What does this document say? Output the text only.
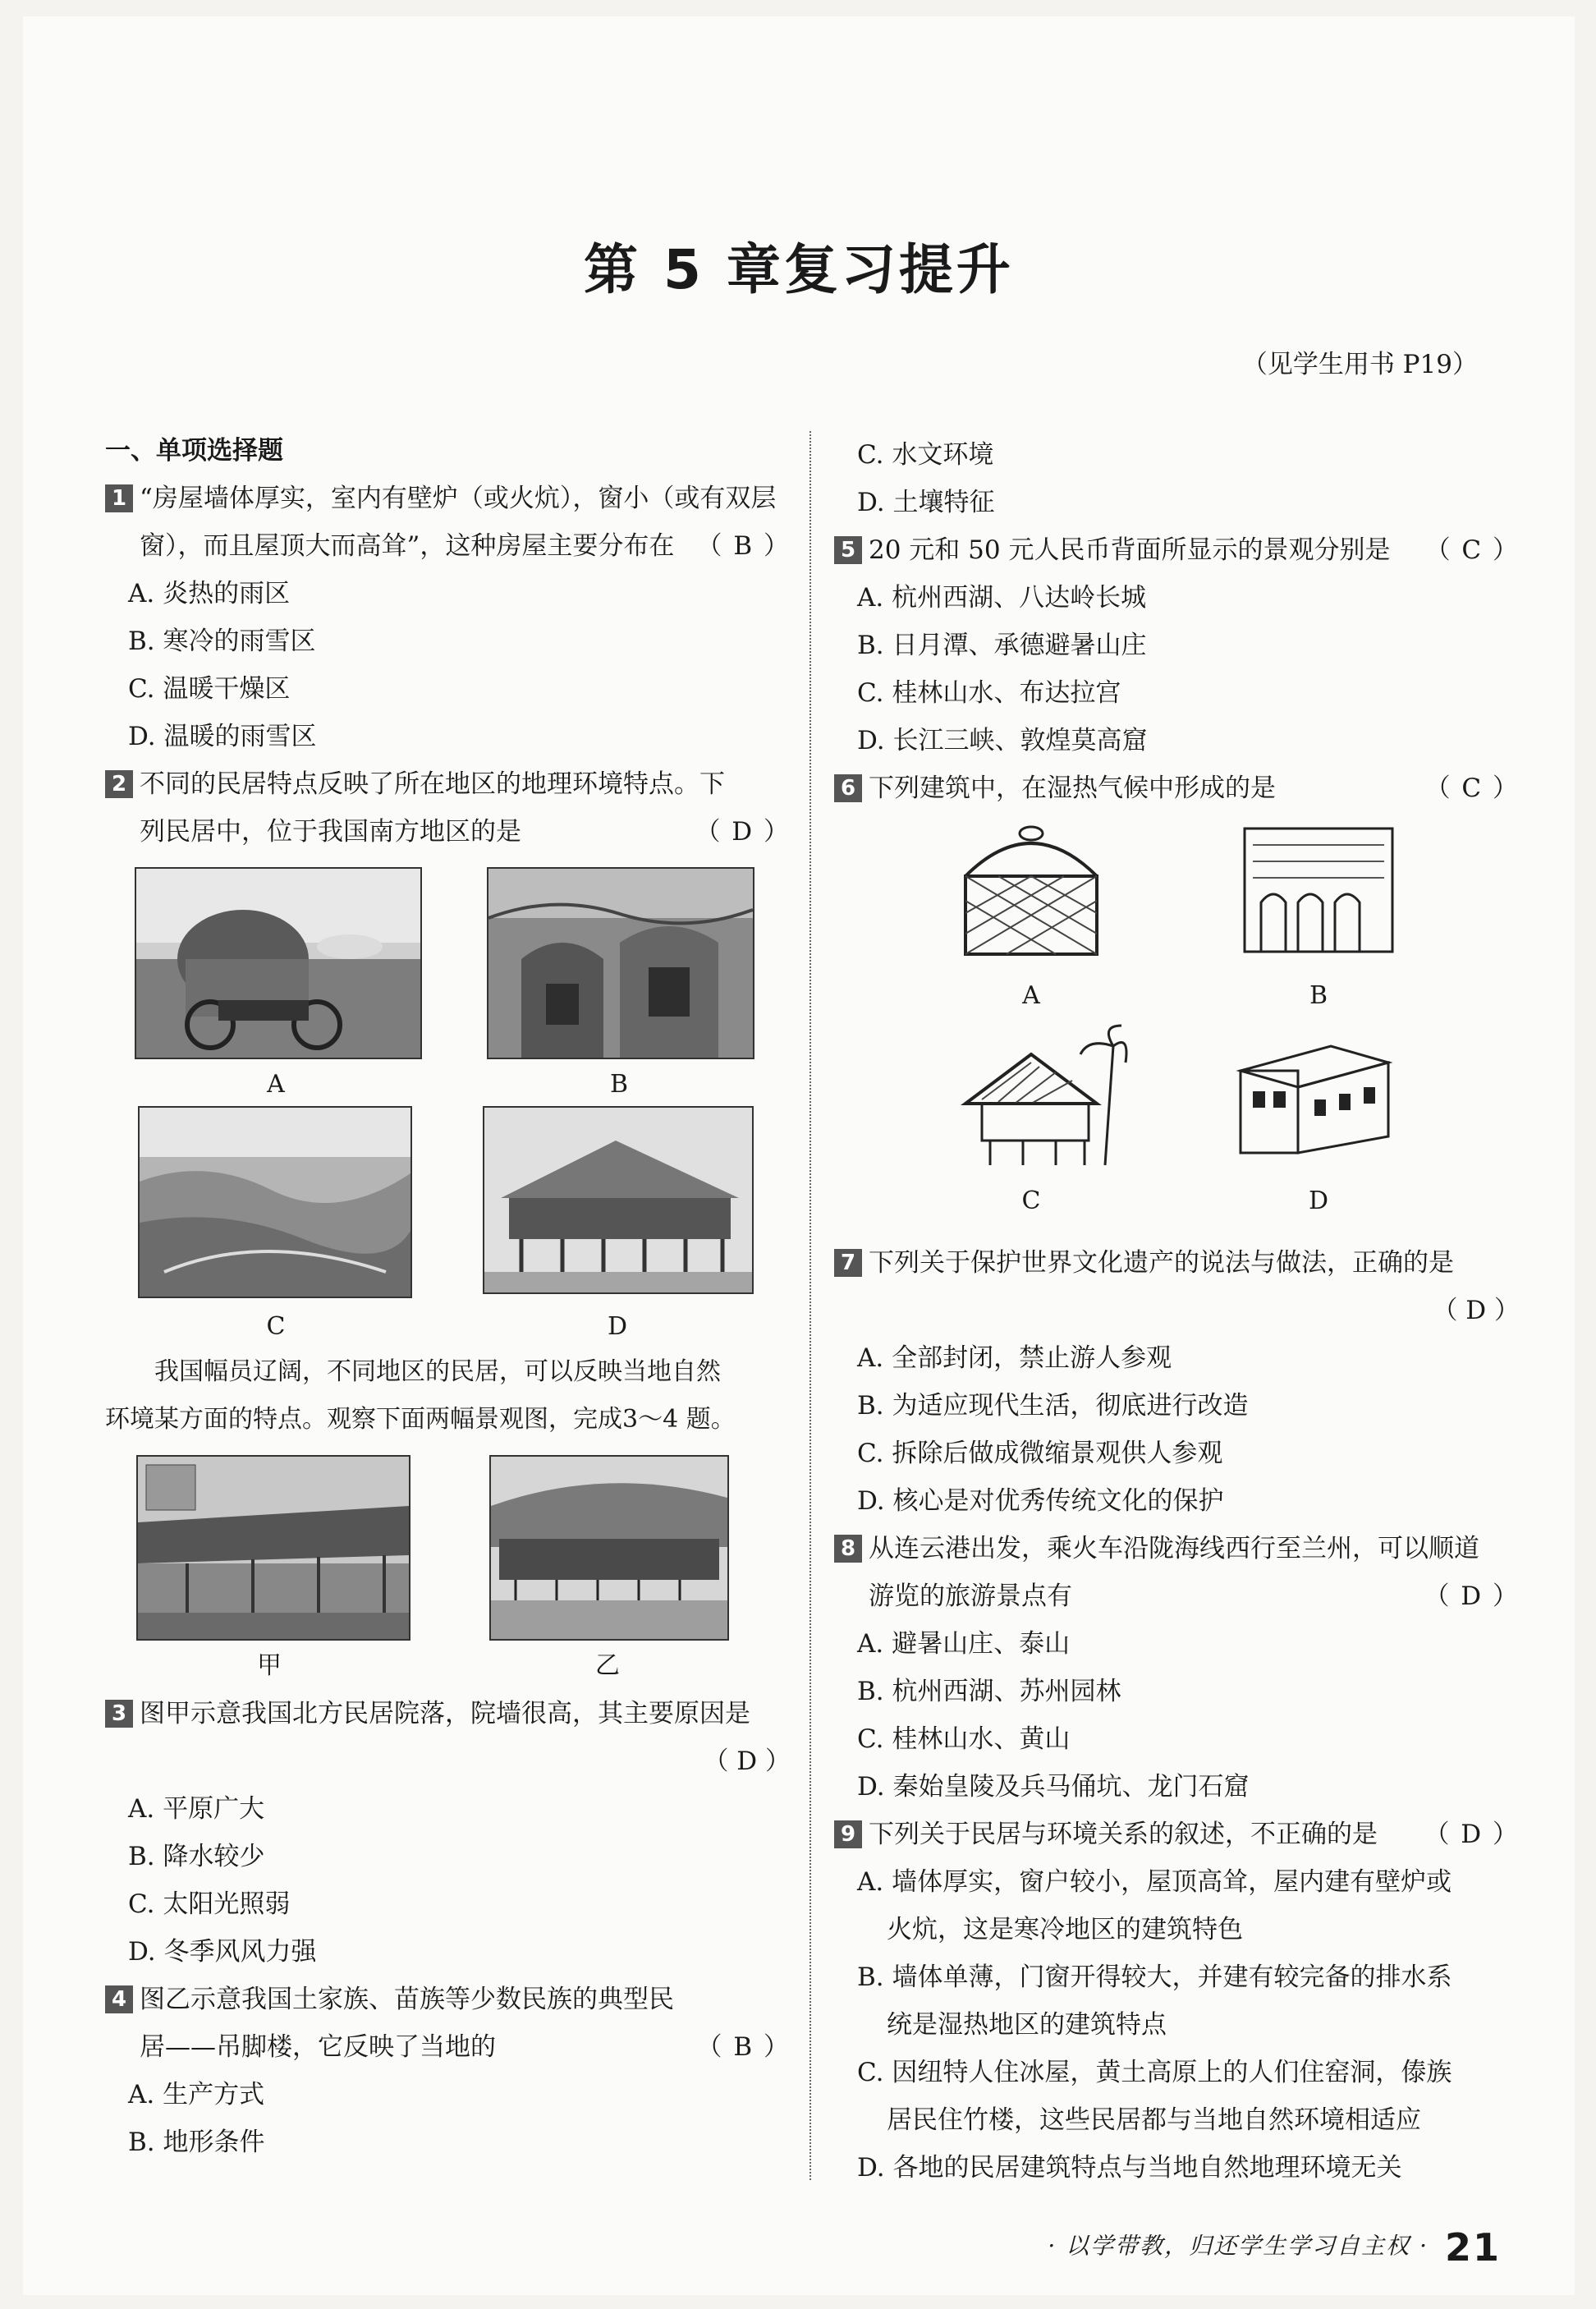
第 5 章复习提升
（见学生用书 P19）
一、单项选择题
1 “房屋墙体厚实，室内有壁炉（或火炕），窗小（或有双层
窗），而且屋顶大而高耸”，这种房屋主要分布在 （ B ）
A. 炎热的雨区
B. 寒冷的雨雪区
C. 温暖干燥区
D. 温暖的雨雪区
2 不同的民居特点反映了所在地区的地理环境特点。下
列民居中，位于我国南方地区的是	（ D ）
A	B
C	D
我国幅员辽阔，不同地区的民居，可以反映当地自然
环境某方面的特点。观察下面两幅景观图，完成3～4 题。
甲	乙
3 图甲示意我国北方民居院落，院墙很高，其主要原因是
（ D ）
A. 平原广大
B. 降水较少
C. 太阳光照弱
D. 冬季风风力强
4 图乙示意我国土家族、苗族等少数民族的典型民
居——吊脚楼，它反映了当地的	（ B ）
A. 生产方式
B. 地形条件
C. 水文环境
D. 土壤特征
5 20 元和 50 元人民币背面所显示的景观分别是 （ C ）
A. 杭州西湖、八达岭长城
B. 日月潭、承德避暑山庄
C. 桂林山水、布达拉宫
D. 长江三峡、敦煌莫高窟
6 下列建筑中，在湿热气候中形成的是	（ C ）
A	B
C	D
7 下列关于保护世界文化遗产的说法与做法，正确的是
（ D ）
A. 全部封闭，禁止游人参观
B. 为适应现代生活，彻底进行改造
C. 拆除后做成微缩景观供人参观
D. 核心是对优秀传统文化的保护
8 从连云港出发，乘火车沿陇海线西行至兰州，可以顺道
游览的旅游景点有	（ D ）
A. 避暑山庄、泰山
B. 杭州西湖、苏州园林
C. 桂林山水、黄山
D. 秦始皇陵及兵马俑坑、龙门石窟
9 下列关于民居与环境关系的叙述，不正确的是 （ D ）
A. 墙体厚实，窗户较小，屋顶高耸，屋内建有壁炉或
火炕，这是寒冷地区的建筑特色
B. 墙体单薄，门窗开得较大，并建有较完备的排水系
统是湿热地区的建筑特点
C. 因纽特人住冰屋，黄土高原上的人们住窑洞，傣族
居民住竹楼，这些民居都与当地自然环境相适应
D. 各地的民居建筑特点与当地自然地理环境无关
· 以学带教，归还学生学习自主权 · 21
